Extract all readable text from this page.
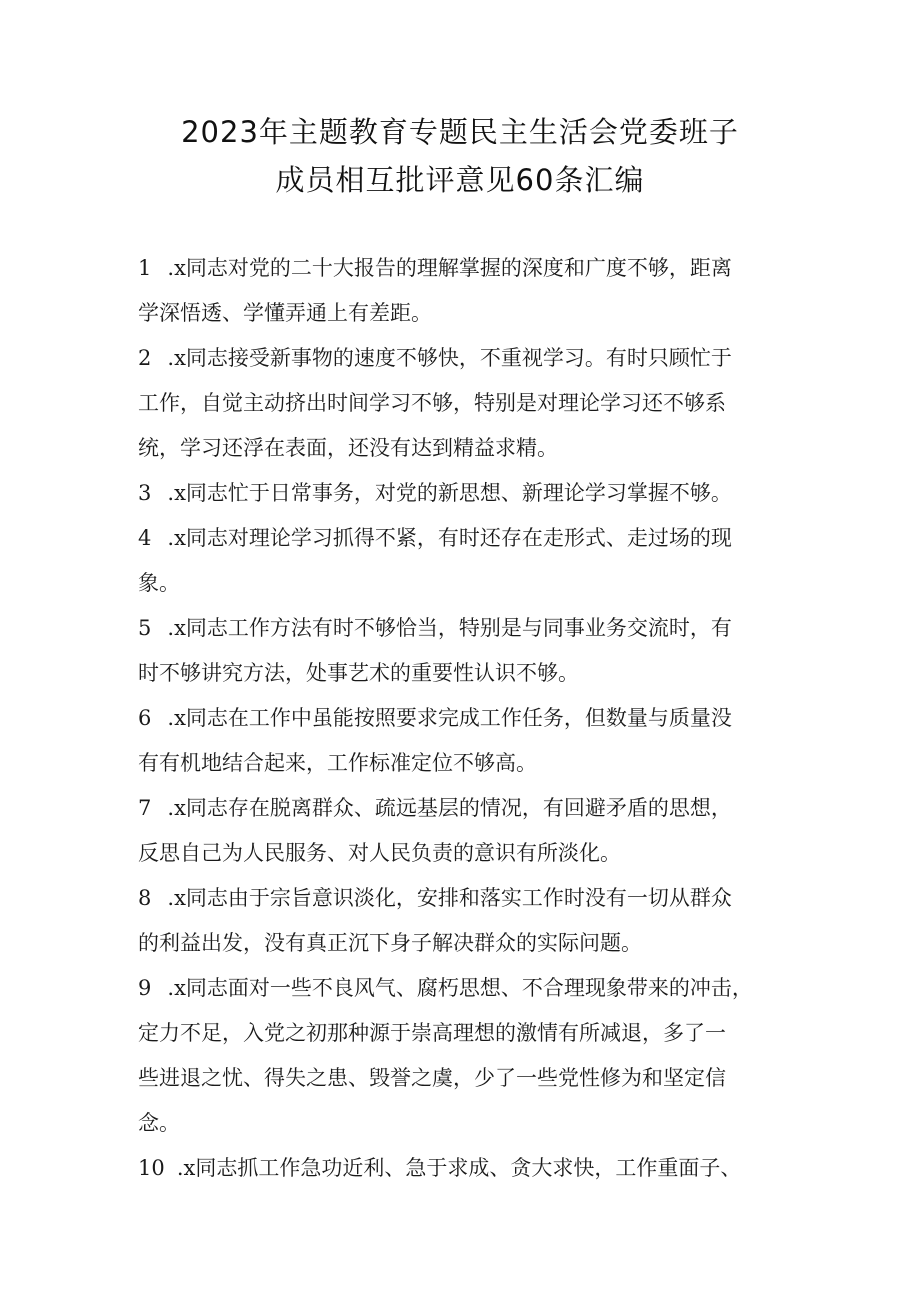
2023年主题教育专题民主生活会党委班子
成员相互批评意见60条汇编
1 .x同志对党的二十大报告的理解掌握的深度和广度不够，距离
学深悟透、学懂弄通上有差距。
2 .x同志接受新事物的速度不够快，不重视学习。有时只顾忙于
工作，自觉主动挤出时间学习不够，特别是对理论学习还不够系
统，学习还浮在表面，还没有达到精益求精。
3 .x同志忙于日常事务，对党的新思想、新理论学习掌握不够。
4 .x同志对理论学习抓得不紧，有时还存在走形式、走过场的现
象。
5 .x同志工作方法有时不够恰当，特别是与同事业务交流时，有
时不够讲究方法，处事艺术的重要性认识不够。
6 .x同志在工作中虽能按照要求完成工作任务，但数量与质量没
有有机地结合起来，工作标准定位不够高。
7 .x同志存在脱离群众、疏远基层的情况，有回避矛盾的思想，
反思自己为人民服务、对人民负责的意识有所淡化。
8 .x同志由于宗旨意识淡化，安排和落实工作时没有一切从群众
的利益出发，没有真正沉下身子解决群众的实际问题。
9 .x同志面对一些不良风气、腐朽思想、不合理现象带来的冲击，
定力不足，入党之初那种源于崇高理想的激情有所减退，多了一
些进退之忧、得失之患、毁誉之虞，少了一些党性修为和坚定信
念。
10 .x同志抓工作急功近利、急于求成、贪大求快，工作重面子、
